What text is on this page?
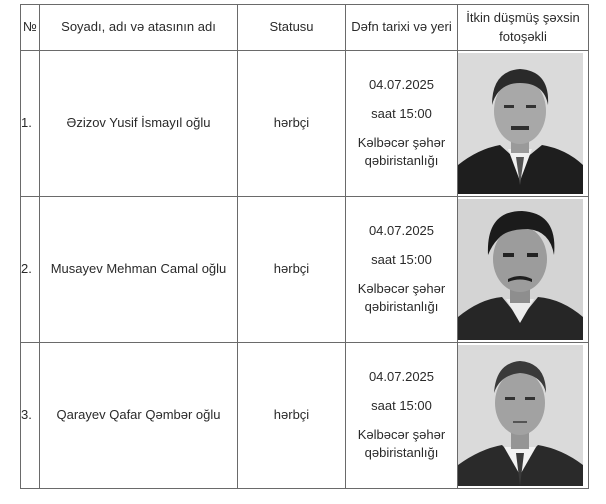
№	Soyadı, adı və atasının adı	Statusu	Dəfn tarixi və yeri	İtkin düşmüş şəxsin fotoşəkli
1.	Əzizov Yusif İsmayıl oğlu	hərbçi	04.07.2025
saat 15:00
Kəlbəcər şəhər qəbiristanlığı

2.	Musayev Mehman Camal oğlu	hərbçi	04.07.2025
saat 15:00
Kəlbəcər şəhər qəbiristanlığı

3.	Qarayev Qafar Qəmbər oğlu	hərbçi	04.07.2025
saat 15:00
Kəlbəcər şəhər qəbiristanlığı
